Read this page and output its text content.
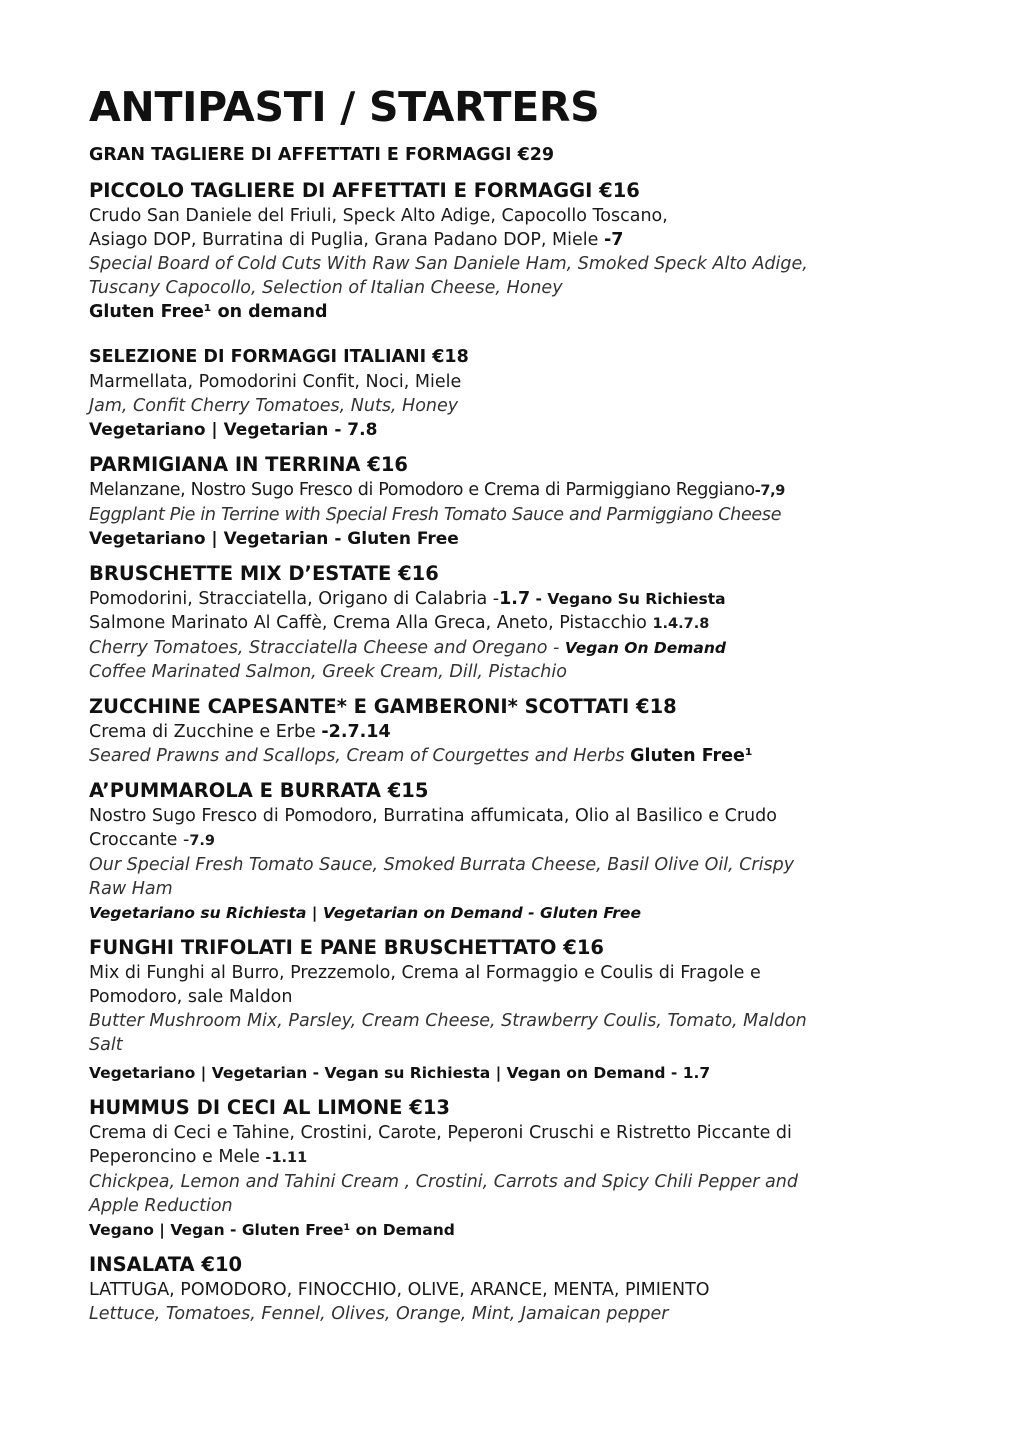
ANTIPASTI / STARTERS

GRAN TAGLIERE DI AFFETTATI E FORMAGGI €29

PICCOLO TAGLIERE DI AFFETTATI E FORMAGGI €16

Crudo San Daniele del Friuli, Speck Alto Adige, Capocollo Toscano,

Asiago DOP, Burratina di Puglia, Grana Padano DOP, Miele -7

Special Board of Cold Cuts With Raw San Daniele Ham, Smoked Speck Alto Adige,

Tuscany Capocollo, Selection of Italian Cheese, Honey

Gluten Free¹ on demand

SELEZIONE DI FORMAGGI ITALIANI €18

Marmellata, Pomodorini Confit, Noci, Miele

Jam, Confit Cherry Tomatoes, Nuts, Honey

Vegetariano | Vegetarian - 7.8

PARMIGIANA IN TERRINA €16

Melanzane, Nostro Sugo Fresco di Pomodoro e Crema di Parmiggiano Reggiano-7,9

Eggplant Pie in Terrine with Special Fresh Tomato Sauce and Parmiggiano Cheese

Vegetariano | Vegetarian - Gluten Free

BRUSCHETTE MIX D’ESTATE €16

Pomodorini, Stracciatella, Origano di Calabria -1.7 - Vegano Su Richiesta

Salmone Marinato Al Caffè, Crema Alla Greca, Aneto, Pistacchio 1.4.7.8

Cherry Tomatoes, Stracciatella Cheese and Oregano - Vegan On Demand

Coffee Marinated Salmon, Greek Cream, Dill, Pistachio

ZUCCHINE CAPESANTE* E GAMBERONI* SCOTTATI €18

Crema di Zucchine e Erbe -2.7.14

Seared Prawns and Scallops, Cream of Courgettes and Herbs Gluten Free¹

A’PUMMAROLA E BURRATA €15

Nostro Sugo Fresco di Pomodoro, Burratina affumicata, Olio al Basilico e Crudo

Croccante -7.9

Our Special Fresh Tomato Sauce, Smoked Burrata Cheese, Basil Olive Oil, Crispy

Raw Ham

Vegetariano su Richiesta | Vegetarian on Demand - Gluten Free

FUNGHI TRIFOLATI E PANE BRUSCHETTATO €16

Mix di Funghi al Burro, Prezzemolo, Crema al Formaggio e Coulis di Fragole e

Pomodoro, sale Maldon

Butter Mushroom Mix, Parsley, Cream Cheese, Strawberry Coulis, Tomato, Maldon

Salt

Vegetariano | Vegetarian - Vegan su Richiesta | Vegan on Demand - 1.7

HUMMUS DI CECI AL LIMONE €13

Crema di Ceci e Tahine, Crostini, Carote, Peperoni Cruschi e Ristretto Piccante di

Peperoncino e Mele -1.11

Chickpea, Lemon and Tahini Cream , Crostini, Carrots and Spicy Chili Pepper and

Apple Reduction

Vegano | Vegan - Gluten Free¹ on Demand

INSALATA €10

LATTUGA, POMODORO, FINOCCHIO, OLIVE, ARANCE, MENTA, PIMIENTO

Lettuce, Tomatoes, Fennel, Olives, Orange, Mint, Jamaican pepper
